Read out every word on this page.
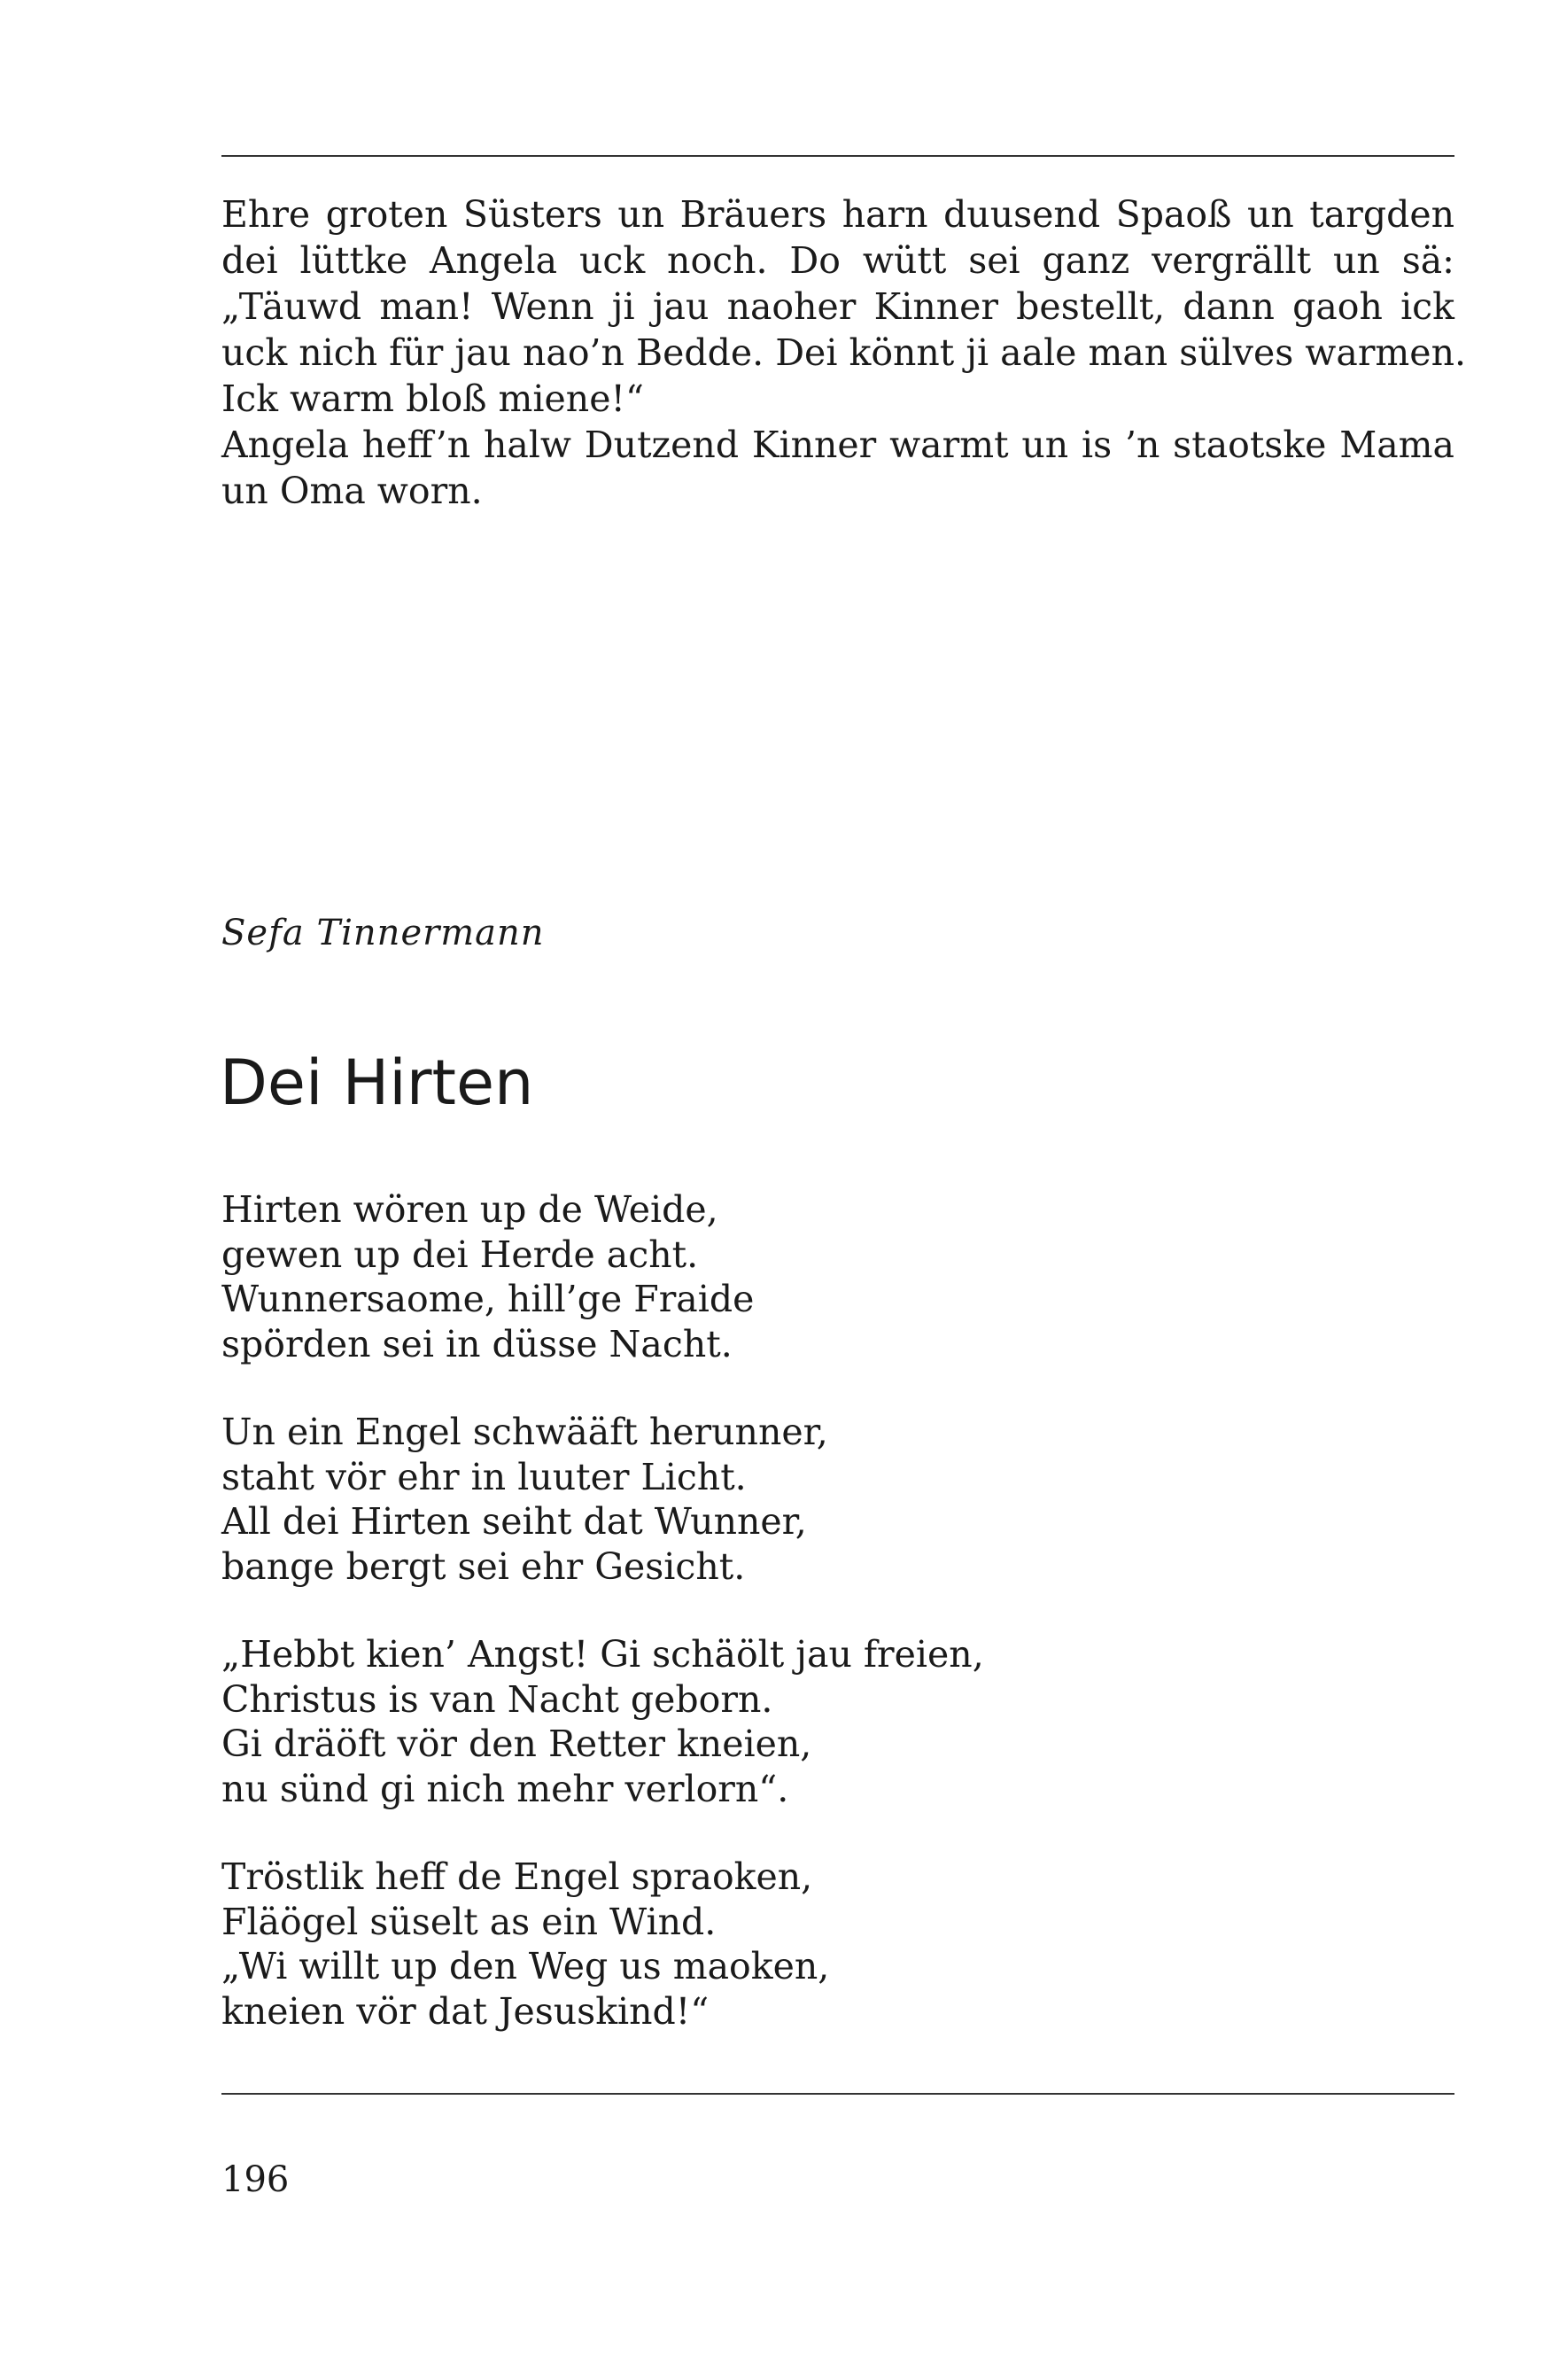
Ehre groten Süsters un Bräuers harn duusend Spaoß un targden
dei lüttke Angela uck noch. Do wütt sei ganz vergrällt un sä:
„Täuwd man! Wenn ji jau naoher Kinner bestellt, dann gaoh ick
uck nich für jau nao’n Bedde. Dei könnt ji aale man sülves warmen.
Ick warm bloß miene!“
Angela heff’n halw Dutzend Kinner warmt un is ’n staotske Mama
un Oma worn.
Sefa Tinnermann
Dei Hirten
Hirten wören up de Weide,
gewen up dei Herde acht.
Wunnersaome, hill’ge Fraide
spörden sei in düsse Nacht.
Un ein Engel schwääft herunner,
staht vör ehr in luuter Licht.
All dei Hirten seiht dat Wunner,
bange bergt sei ehr Gesicht.
„Hebbt kien’ Angst! Gi schäölt jau freien,
Christus is van Nacht geborn.
Gi dräöft vör den Retter kneien,
nu sünd gi nich mehr verlorn“.
Tröstlik heff de Engel spraoken,
Fläögel süselt as ein Wind.
„Wi willt up den Weg us maoken,
kneien vör dat Jesuskind!“
196
